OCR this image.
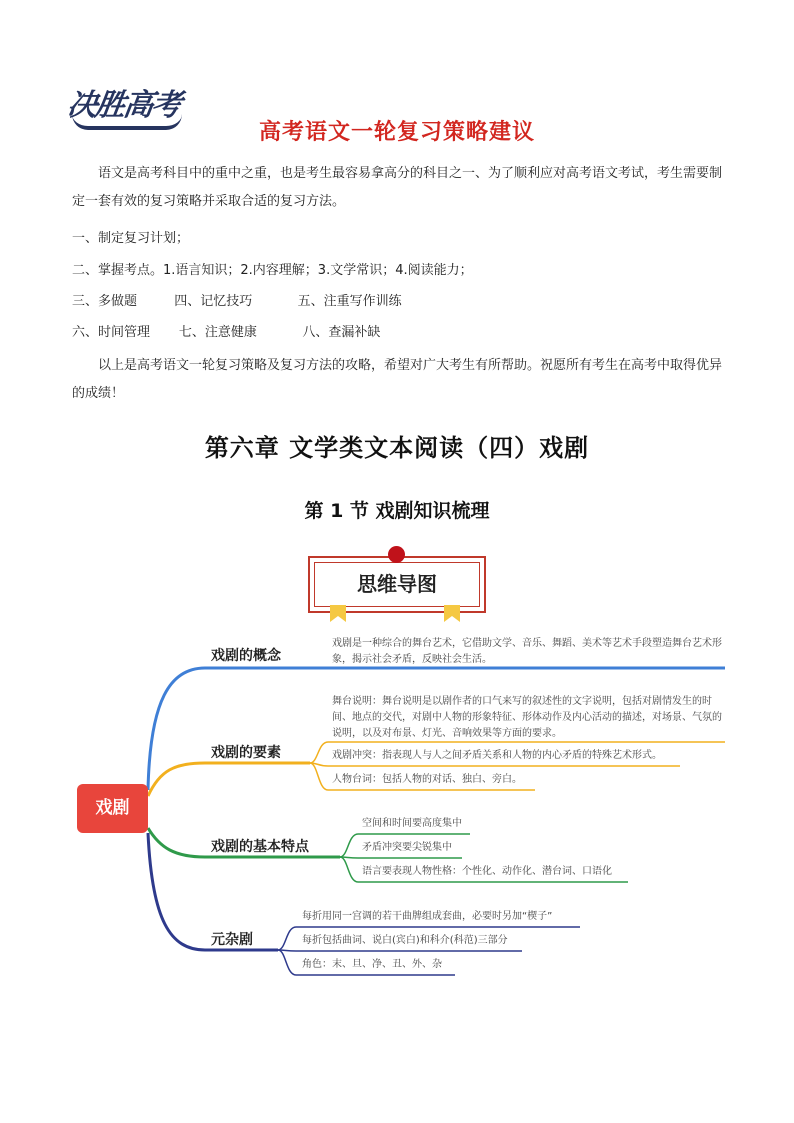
决胜高考
高考语文一轮复习策略建议
语文是高考科目中的重中之重，也是考生最容易拿高分的科目之一、为了顺利应对高考语文考试，考生需要制定一套有效的复习策略并采取合适的复习方法。
一、制定复习计划；
二、掌握考点。1.语言知识；2.内容理解；3.文学常识；4.阅读能力；
三、多做题         四、记忆技巧           五、注重写作训练
六、时间管理       七、注意健康           八、查漏补缺
以上是高考语文一轮复习策略及复习方法的攻略，希望对广大考生有所帮助。祝愿所有考生在高考中取得优异的成绩！
第六章 文学类文本阅读（四）戏剧
第 1 节 戏剧知识梳理
思维导图
戏剧
戏剧的概念
戏剧是一种综合的舞台艺术，它借助文学、音乐、舞蹈、美术等艺术手段塑造舞台艺术形象，揭示社会矛盾，反映社会生活。
戏剧的要素
舞台说明：舞台说明是以剧作者的口气来写的叙述性的文字说明，包括对剧情发生的时间、地点的交代，对剧中人物的形象特征、形体动作及内心活动的描述，对场景、气氛的说明，以及对布景、灯光、音响效果等方面的要求。
戏剧冲突：指表现人与人之间矛盾关系和人物的内心矛盾的特殊艺术形式。
人物台词：包括人物的对话、独白、旁白。
戏剧的基本特点
空间和时间要高度集中
矛盾冲突要尖锐集中
语言要表现人物性格：个性化、动作化、潜台词、口语化
元杂剧
每折用同一宫调的若干曲牌组成套曲，必要时另加“楔子”
每折包括曲词、说白(宾白)和科介(科范)三部分
角色：末、旦、净、丑、外、杂
